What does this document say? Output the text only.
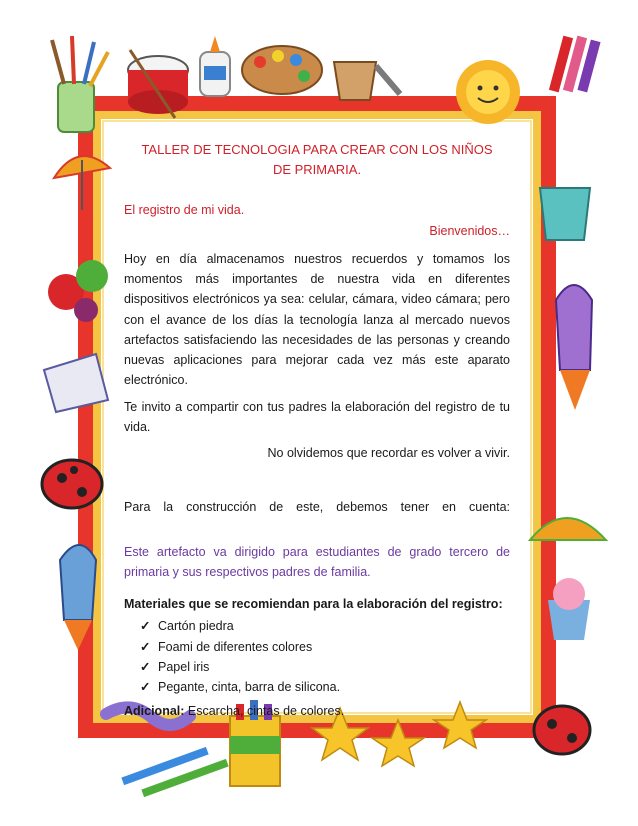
TALLER DE TECNOLOGIA PARA CREAR CON LOS NIÑOS
DE PRIMARIA.
El registro de mi vida.
Bienvenidos…

Hoy en día almacenamos nuestros recuerdos y tomamos los momentos más importantes de nuestra vida en diferentes dispositivos electrónicos ya sea: celular, cámara, video cámara; pero con el avance de los días la tecnología lanza al mercado nuevos artefactos satisfaciendo las necesidades de las personas y creando nuevas aplicaciones para mejorar cada vez más este aparato electrónico.

Te invito a compartir con tus padres la elaboración del registro de tu vida.

No olvidemos que recordar es volver a vivir.

Para la construcción de este, debemos tener en cuenta:

Este artefacto va dirigido para estudiantes de grado tercero de primaria y sus respectivos padres de familia.

Materiales que se recomiendan para la elaboración del registro:
✓ Cartón piedra
✓ Foami de diferentes colores
✓ Papel iris
✓ Pegante, cinta, barra de silicona.
Adicional: Escarcha, cintas de colores.
